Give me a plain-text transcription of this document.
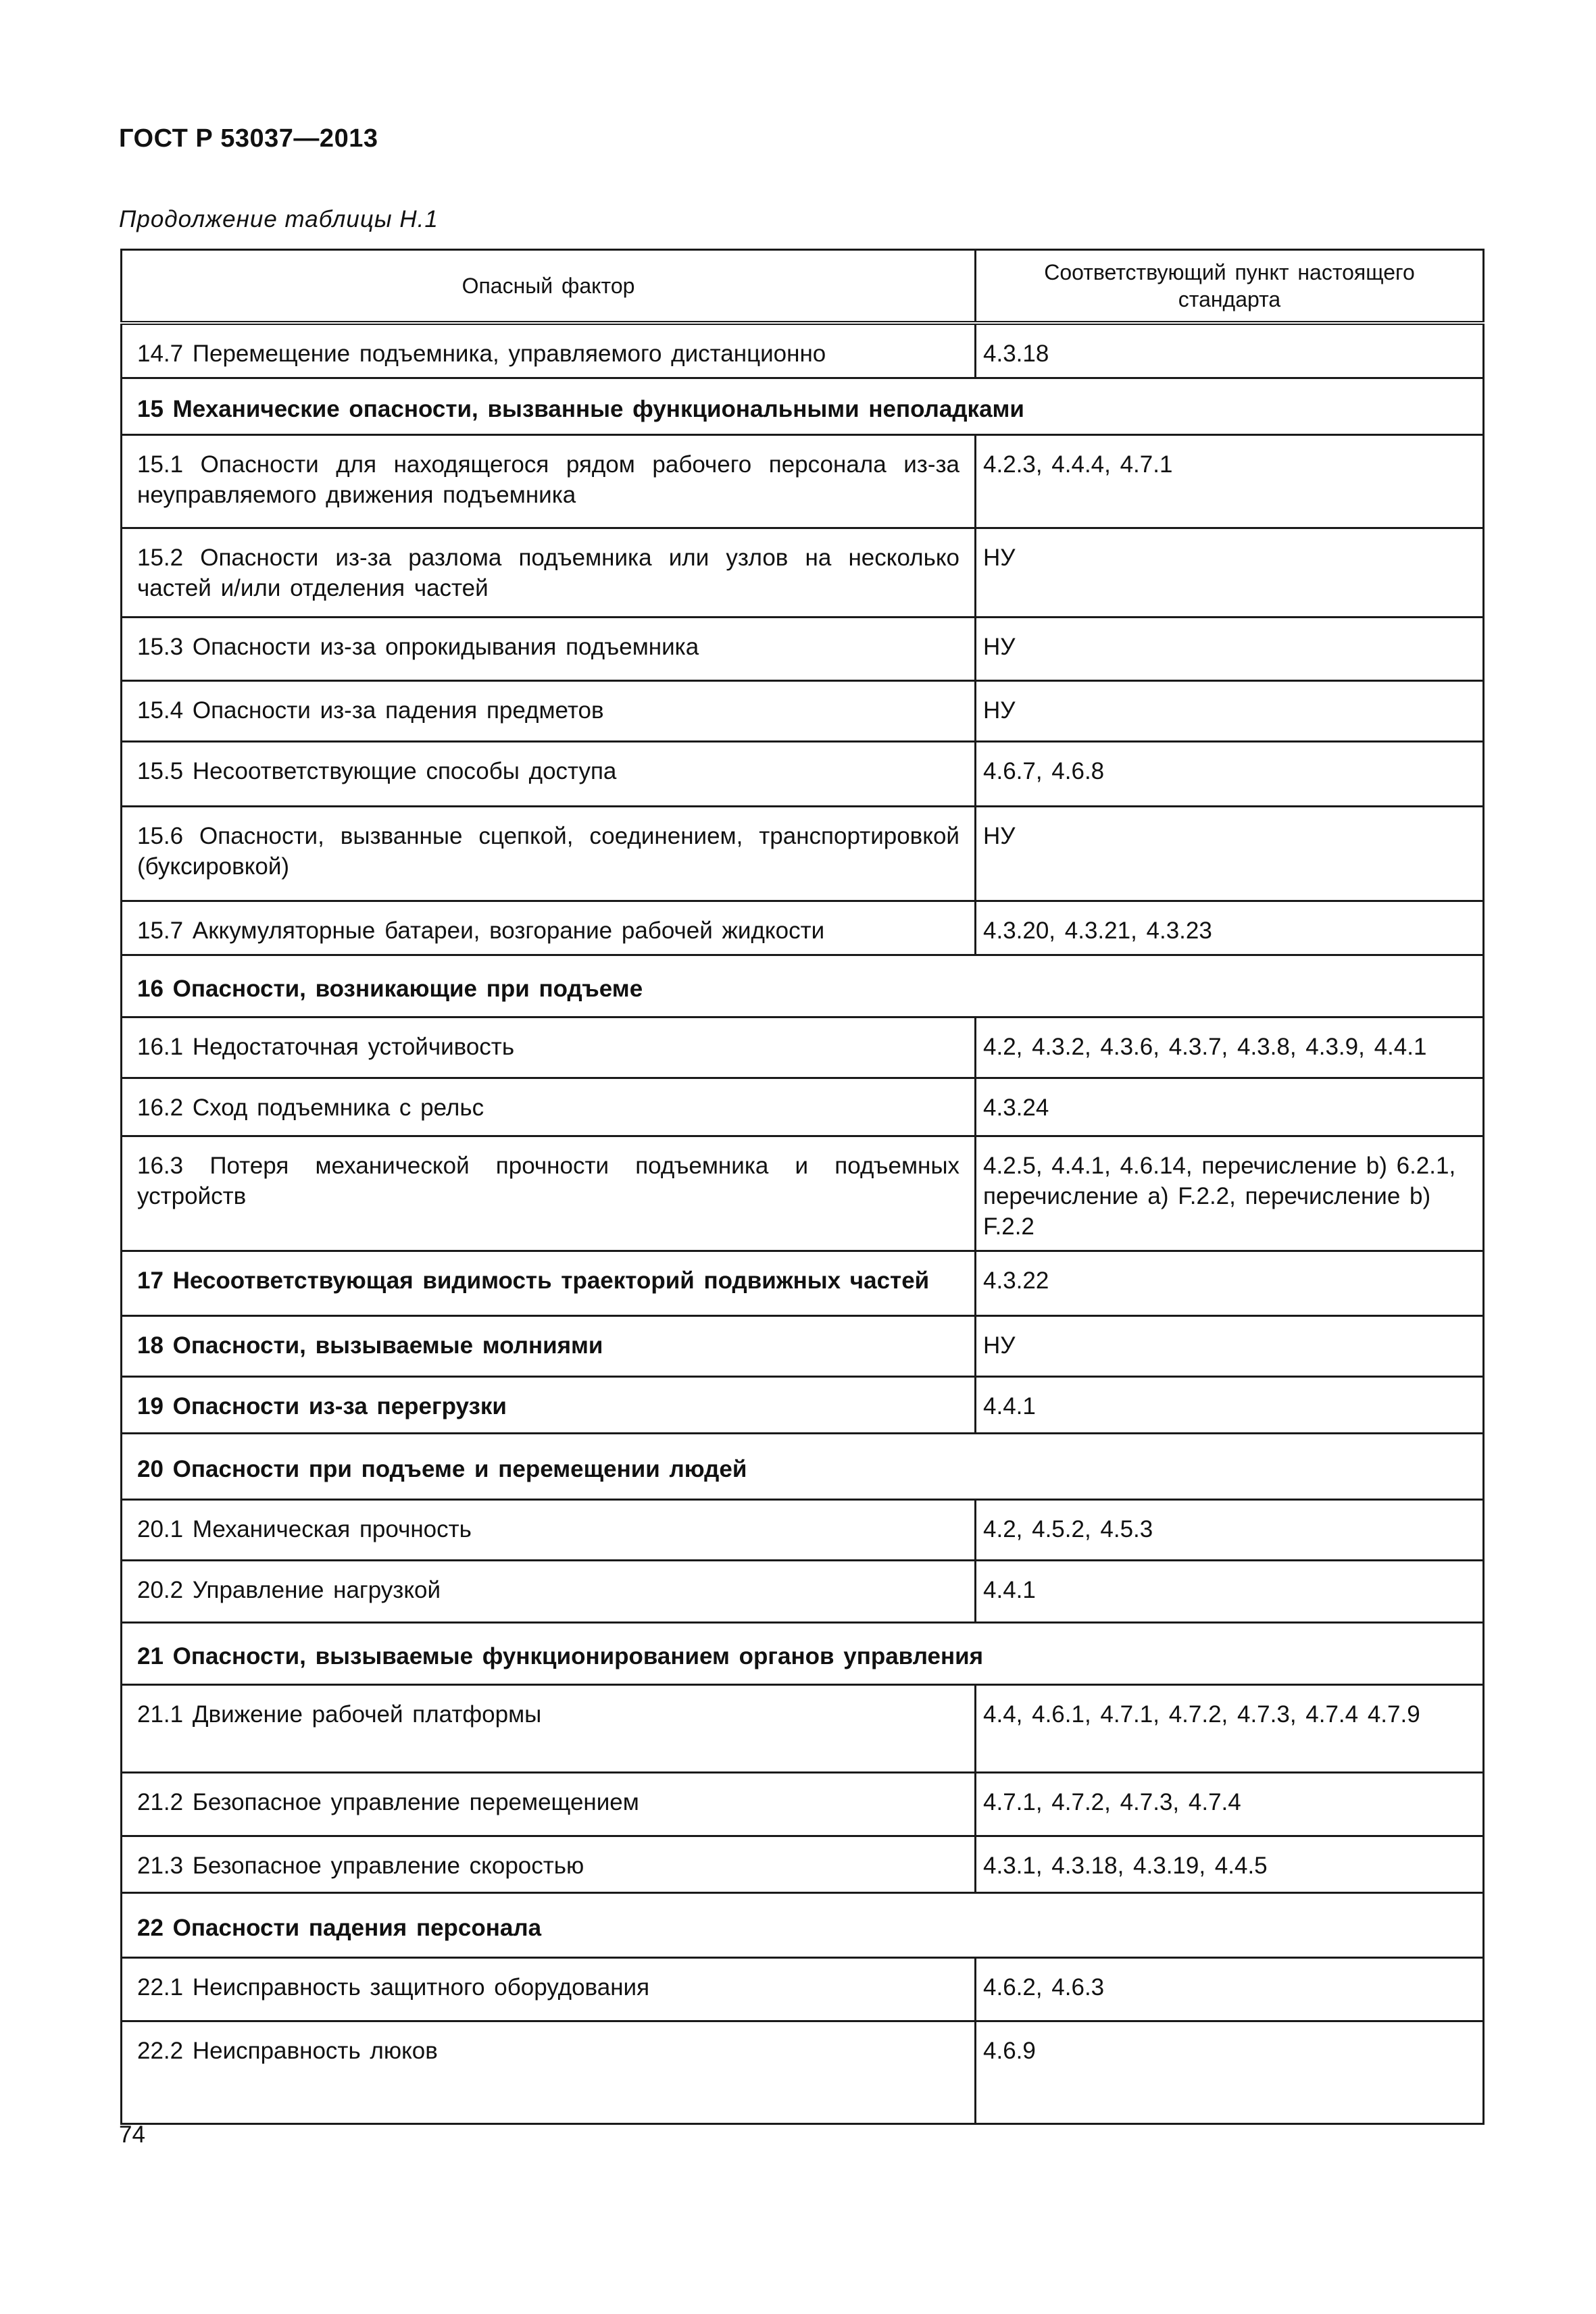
ГОСТ Р 53037—2013
Продолжение таблицы Н.1
Опасный фактор	Соответствующий пункт настоящего стандарта
14.7 Перемещение подъемника, управляемого дистанционно	4.3.18
15 Механические опасности, вызванные функциональными неполадками	
15.1 Опасности для находящегося рядом рабочего персонала из-за неуправляемого движения подъемника	4.2.3, 4.4.4, 4.7.1
15.2 Опасности из-за разлома подъемника или узлов на несколько частей и/или отделения частей	НУ
15.3 Опасности из-за опрокидывания подъемника	НУ
15.4 Опасности из-за падения предметов	НУ
15.5 Несоответствующие способы доступа	4.6.7, 4.6.8
15.6 Опасности, вызванные сцепкой, соединением, транспортировкой (буксировкой)	НУ
15.7 Аккумуляторные батареи, возгорание рабочей жидкости	4.3.20, 4.3.21, 4.3.23
16 Опасности, возникающие при подъеме	
16.1 Недостаточная устойчивость	4.2, 4.3.2, 4.3.6, 4.3.7, 4.3.8, 4.3.9, 4.4.1
16.2 Сход подъемника с рельс	4.3.24
16.3 Потеря механической прочности подъемника и подъемных устройств	4.2.5, 4.4.1, 4.6.14, перечисление b) 6.2.1, перечисление а) F.2.2, перечисление b) F.2.2
17 Несоответствующая видимость траекторий подвижных частей	4.3.22
18 Опасности, вызываемые молниями	НУ
19 Опасности из-за перегрузки	4.4.1
20 Опасности при подъеме и перемещении людей	
20.1 Механическая прочность	4.2, 4.5.2, 4.5.3
20.2 Управление нагрузкой	4.4.1
21 Опасности, вызываемые функционированием органов управления	
21.1 Движение рабочей платформы	4.4, 4.6.1, 4.7.1, 4.7.2, 4.7.3, 4.7.4 4.7.9
21.2 Безопасное управление перемещением	4.7.1, 4.7.2, 4.7.3, 4.7.4
21.3 Безопасное управление скоростью	4.3.1, 4.3.18, 4.3.19, 4.4.5
22 Опасности падения персонала	
22.1 Неисправность защитного оборудования	4.6.2, 4.6.3
22.2 Неисправность люков	4.6.9
74
